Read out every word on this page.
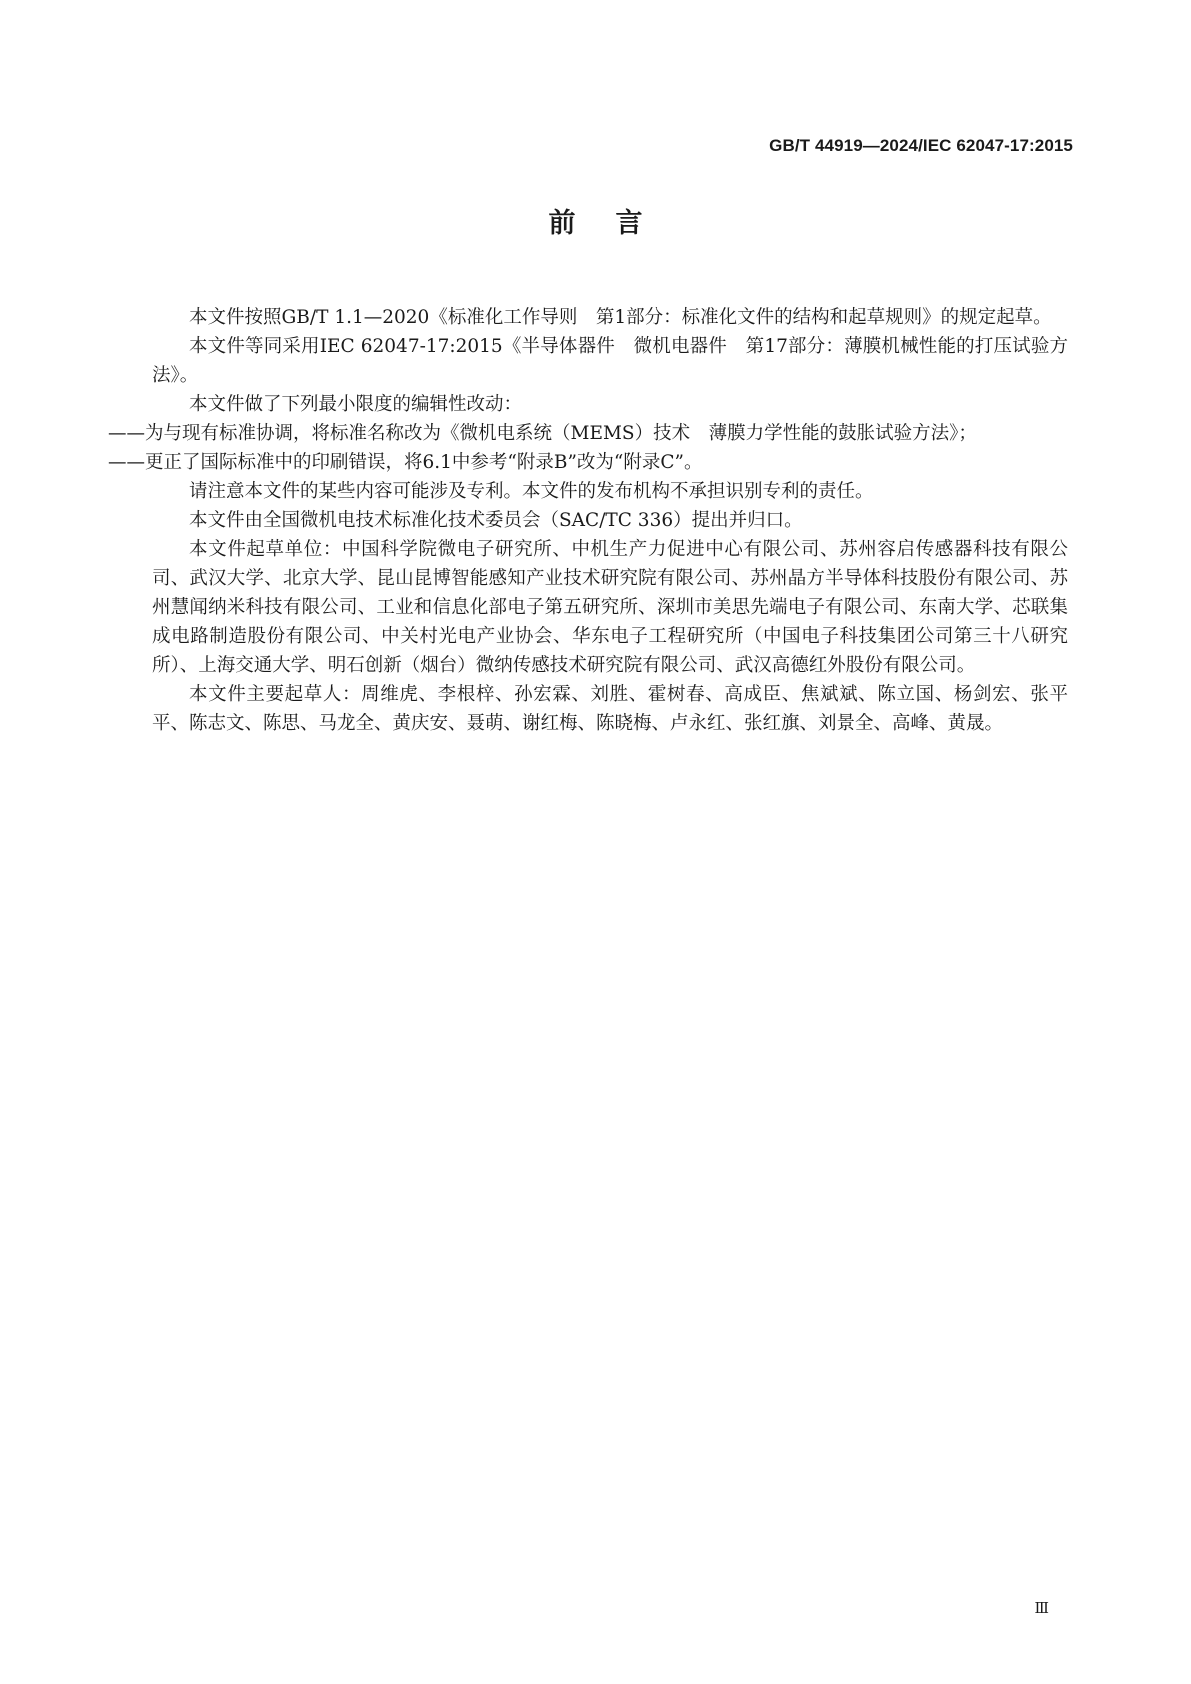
GB/T 44919—2024/IEC 62047-17:2015
前言

本文件按照GB/T 1.1—2020《标准化工作导则　第1部分：标准化文件的结构和起草规则》的规定起草。

本文件等同采用IEC 62047-17:2015《半导体器件　微机电器件　第17部分：薄膜机械性能的打压试验方法》。

本文件做了下列最小限度的编辑性改动：

——为与现有标准协调，将标准名称改为《微机电系统（MEMS）技术　薄膜力学性能的鼓胀试验方法》；

——更正了国际标准中的印刷错误，将6.1中参考“附录B”改为“附录C”。

请注意本文件的某些内容可能涉及专利。本文件的发布机构不承担识别专利的责任。

本文件由全国微机电技术标准化技术委员会（SAC/TC 336）提出并归口。

本文件起草单位：中国科学院微电子研究所、中机生产力促进中心有限公司、苏州容启传感器科技有限公司、武汉大学、北京大学、昆山昆博智能感知产业技术研究院有限公司、苏州晶方半导体科技股份有限公司、苏州慧闻纳米科技有限公司、工业和信息化部电子第五研究所、深圳市美思先端电子有限公司、东南大学、芯联集成电路制造股份有限公司、中关村光电产业协会、华东电子工程研究所（中国电子科技集团公司第三十八研究所）、上海交通大学、明石创新（烟台）微纳传感技术研究院有限公司、武汉高德红外股份有限公司。

本文件主要起草人：周维虎、李根梓、孙宏霖、刘胜、霍树春、高成臣、焦斌斌、陈立国、杨剑宏、张平平、陈志文、陈思、马龙全、黄庆安、聂萌、谢红梅、陈晓梅、卢永红、张红旗、刘景全、高峰、黄晟。

Ⅲ
